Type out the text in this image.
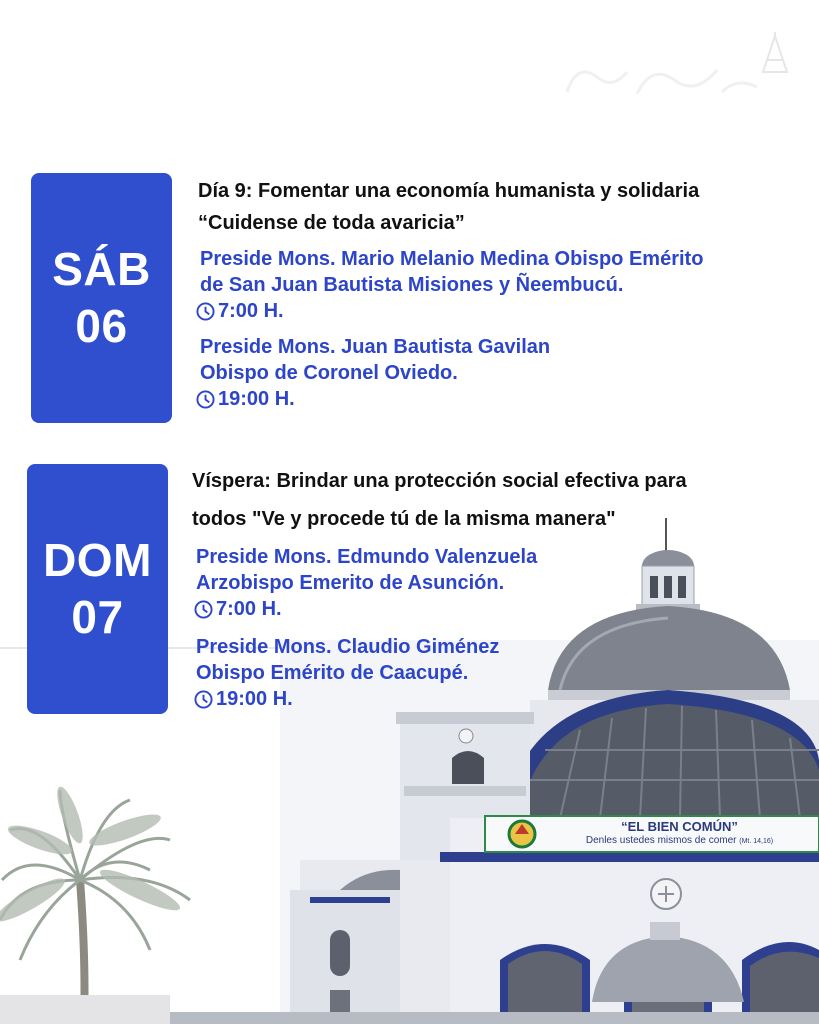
SÁB
06

Día 9: Fomentar una economía humanista y solidaria

“Cuidense de toda avaricia”

Preside Mons. Mario Melanio Medina Obispo Emérito
de San Juan Bautista Misiones y Ñeembucú.
7:00 H.
Preside Mons. Juan Bautista Gavilan
Obispo de Coronel Oviedo.
19:00 H.
DOM
07

Víspera: Brindar una protección social efectiva para

todos "Ve y procede tú de la misma manera"

Preside Mons. Edmundo Valenzuela
Arzobispo Emerito de Asunción.
7:00 H.
Preside Mons. Claudio Giménez
Obispo Emérito de Caacupé.
19:00 H.
“EL BIEN COMÚN”
Denles ustedes mismos de comer (Mt. 14,16)
